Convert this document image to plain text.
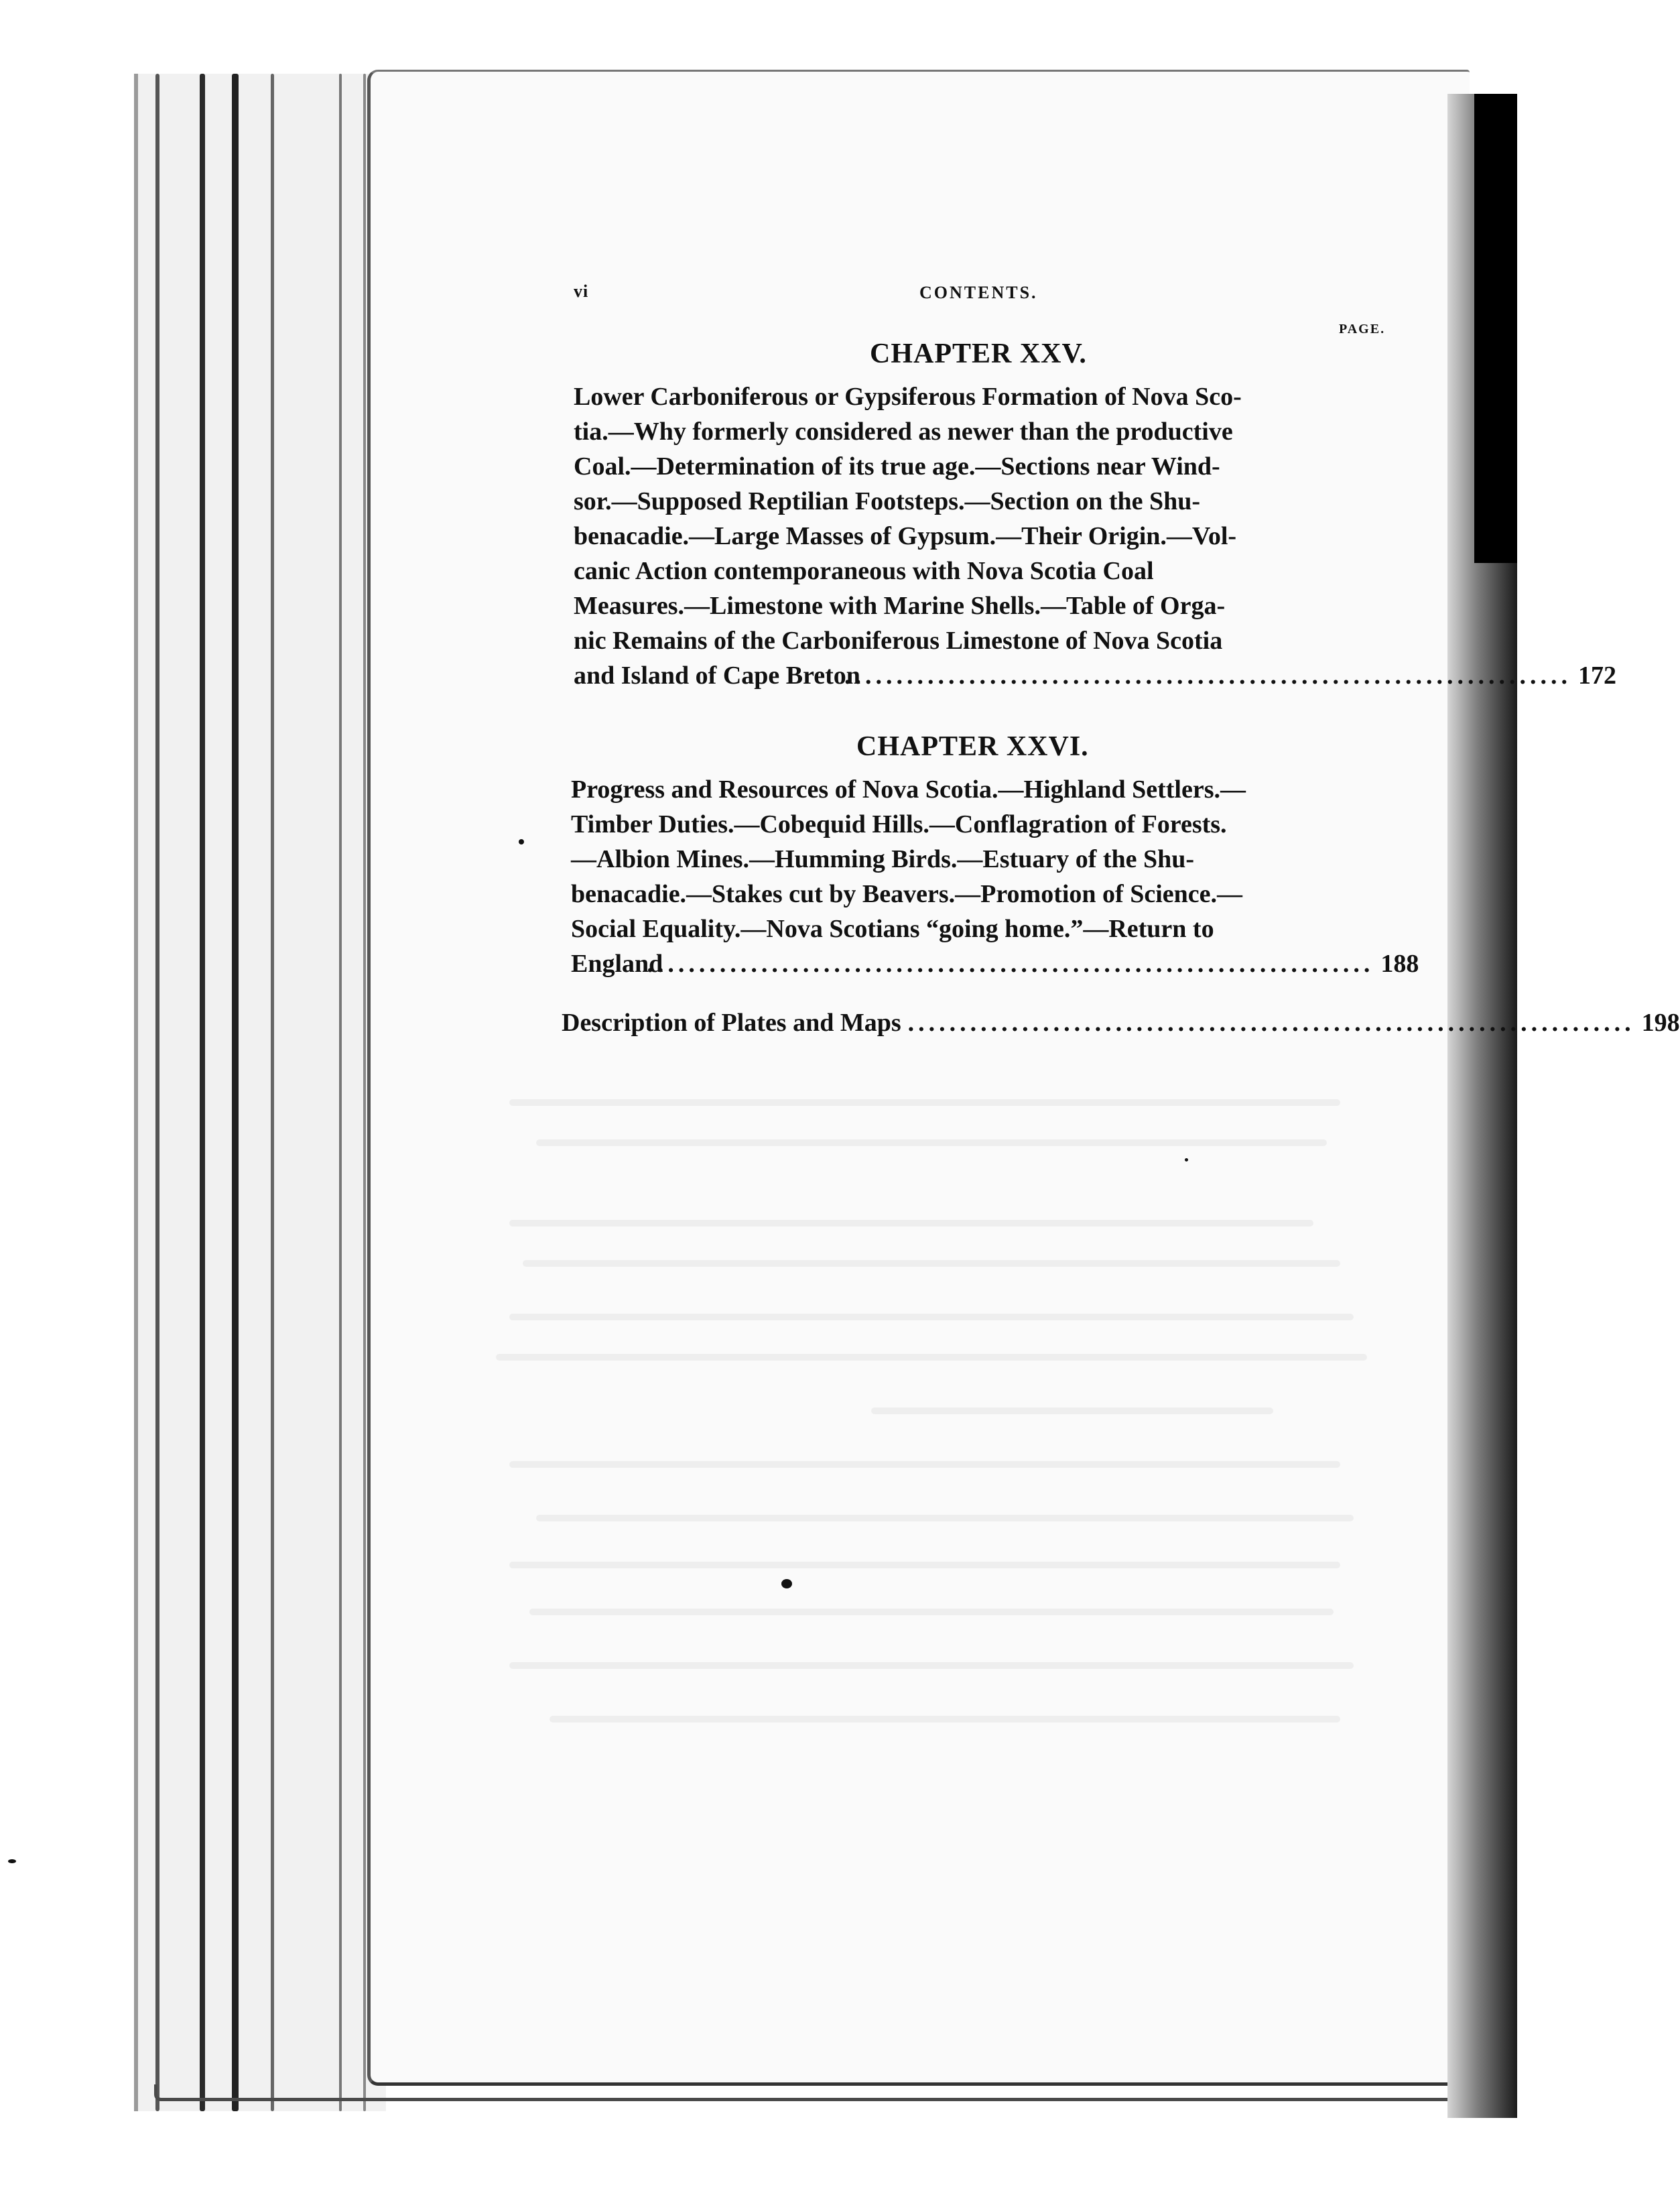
vi	CONTENTS.
PAGE.
CHAPTER XXV.
Lower Carboniferous or Gypsiferous Formation of Nova Sco-
tia.—Why formerly considered as newer than the productive
Coal.—Determination of its true age.—Sections near Wind-
sor.—Supposed Reptilian Footsteps.—Section on the Shu-
benacadie.—Large Masses of Gypsum.—Their Origin.—Vol-
canic Action contemporaneous with Nova Scotia Coal
Measures.—Limestone with Marine Shells.—Table of Orga-
nic Remains of the Carboniferous Limestone of Nova Scotia
and Island of Cape Breton
...................................................................... 172
CHAPTER XXVI.
Progress and Resources of Nova Scotia.—Highland Settlers.—
Timber Duties.—Cobequid Hills.—Conflagration of Forests.
—Albion Mines.—Humming Birds.—Estuary of the Shu-
benacadie.—Stakes cut by Beavers.—Promotion of Science.—
Social Equality.—Nova Scotians “going home.”—Return to
England
...................................................................... 188
Description of Plates and Maps ...................................................................... 198
